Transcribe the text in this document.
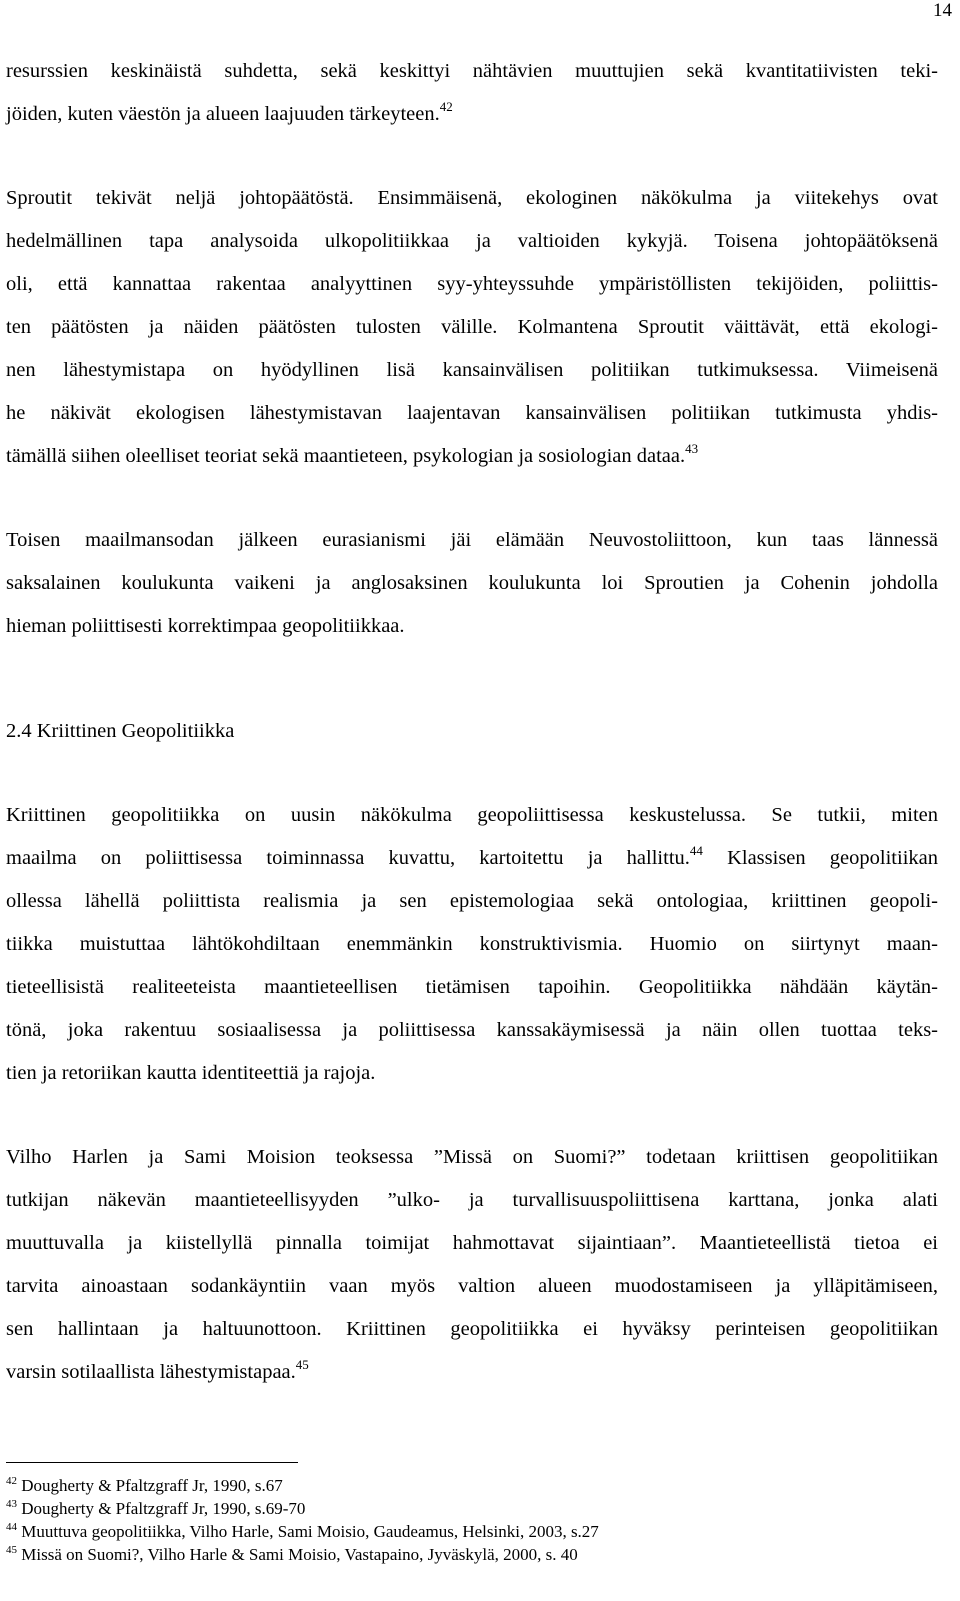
14
resurssien keskinäistä suhdetta, sekä keskittyi nähtävien muuttujien sekä kvantitatiivisten teki-
jöiden, kuten väestön ja alueen laajuuden tärkeyteen.$^{42}$
Sproutit tekivät neljä johtopäätöstä. Ensimmäisenä, ekologinen näkökulma ja viitekehys ovat
hedelmällinen tapa analysoida ulkopolitiikkaa ja valtioiden kykyjä. Toisena johtopäätöksenä
oli, että kannattaa rakentaa analyyttinen syy-yhteyssuhde ympäristöllisten tekijöiden, poliittis-
ten päätösten ja näiden päätösten tulosten välille. Kolmantena Sproutit väittävät, että ekologi-
nen lähestymistapa on hyödyllinen lisä kansainvälisen politiikan tutkimuksessa. Viimeisenä
he näkivät ekologisen lähestymistavan laajentavan kansainvälisen politiikan tutkimusta yhdis-
tämällä siihen oleelliset teoriat sekä maantieteen, psykologian ja sosiologian dataa.$^{43}$
Toisen maailmansodan jälkeen eurasianismi jäi elämään Neuvostoliittoon, kun taas lännessä
saksalainen koulukunta vaikeni ja anglosaksinen koulukunta loi Sproutien ja Cohenin johdolla
hieman poliittisesti korrektimpaa geopolitiikkaa.
2.4 Kriittinen Geopolitiikka
Kriittinen geopolitiikka on uusin näkökulma geopoliittisessa keskustelussa. Se tutkii, miten
maailma on poliittisessa toiminnassa kuvattu, kartoitettu ja hallittu.$^{44}$ Klassisen geopolitiikan
ollessa lähellä poliittista realismia ja sen epistemologiaa sekä ontologiaa, kriittinen geopoli-
tiikka muistuttaa lähtökohdiltaan enemmänkin konstruktivismia. Huomio on siirtynyt maan-
tieteellisistä realiteeteista maantieteellisen tietämisen tapoihin. Geopolitiikka nähdään käytän-
tönä, joka rakentuu sosiaalisessa ja poliittisessa kanssakäymisessä ja näin ollen tuottaa teks-
tien ja retoriikan kautta identiteettiä ja rajoja.
Vilho Harlen ja Sami Moision teoksessa ”Missä on Suomi?” todetaan kriittisen geopolitiikan
tutkijan näkevän maantieteellisyyden ”ulko- ja turvallisuuspoliittisena karttana, jonka alati
muuttuvalla ja kiistellyllä pinnalla toimijat hahmottavat sijaintiaan”. Maantieteellistä tietoa ei
tarvita ainoastaan sodankäyntiin vaan myös valtion alueen muodostamiseen ja ylläpitämiseen,
sen hallintaan ja haltuunottoon. Kriittinen geopolitiikka ei hyväksy perinteisen geopolitiikan
varsin sotilaallista lähestymistapaa.$^{45}$
$^{42}$ Dougherty & Pfaltzgraff Jr, 1990, s.67
$^{43}$ Dougherty & Pfaltzgraff Jr, 1990, s.69-70
$^{44}$ Muuttuva geopolitiikka, Vilho Harle, Sami Moisio, Gaudeamus, Helsinki, 2003, s.27
$^{45}$ Missä on Suomi?, Vilho Harle & Sami Moisio, Vastapaino, Jyväskylä, 2000, s. 40
